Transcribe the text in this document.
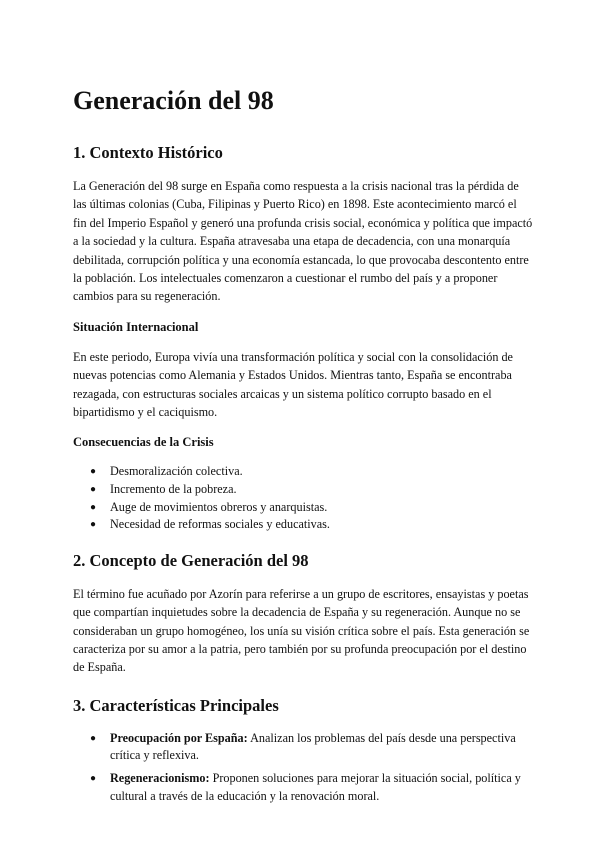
Generación del 98
1. Contexto Histórico

La Generación del 98 surge en España como respuesta a la crisis nacional tras la pérdida de las últimas colonias (Cuba, Filipinas y Puerto Rico) en 1898. Este acontecimiento marcó el fin del Imperio Español y generó una profunda crisis social, económica y política que impactó a la sociedad y la cultura. España atravesaba una etapa de decadencia, con una monarquía debilitada, corrupción política y una economía estancada, lo que provocaba descontento entre la población. Los intelectuales comenzaron a cuestionar el rumbo del país y a proponer cambios para su regeneración.

Situación Internacional

En este periodo, Europa vivía una transformación política y social con la consolidación de nuevas potencias como Alemania y Estados Unidos. Mientras tanto, España se encontraba rezagada, con estructuras sociales arcaicas y un sistema político corrupto basado en el bipartidismo y el caciquismo.

Consecuencias de la Crisis
● Desmoralización colectiva.
● Incremento de la pobreza.
● Auge de movimientos obreros y anarquistas.
● Necesidad de reformas sociales y educativas.
2. Concepto de Generación del 98

El término fue acuñado por Azorín para referirse a un grupo de escritores, ensayistas y poetas que compartían inquietudes sobre la decadencia de España y su regeneración. Aunque no se consideraban un grupo homogéneo, los unía su visión crítica sobre el país. Esta generación se caracteriza por su amor a la patria, pero también por su profunda preocupación por el destino de España.

3. Características Principales
● Preocupación por España: Analizan los problemas del país desde una perspectiva crítica y reflexiva.
● Regeneracionismo: Proponen soluciones para mejorar la situación social, política y cultural a través de la educación y la renovación moral.
